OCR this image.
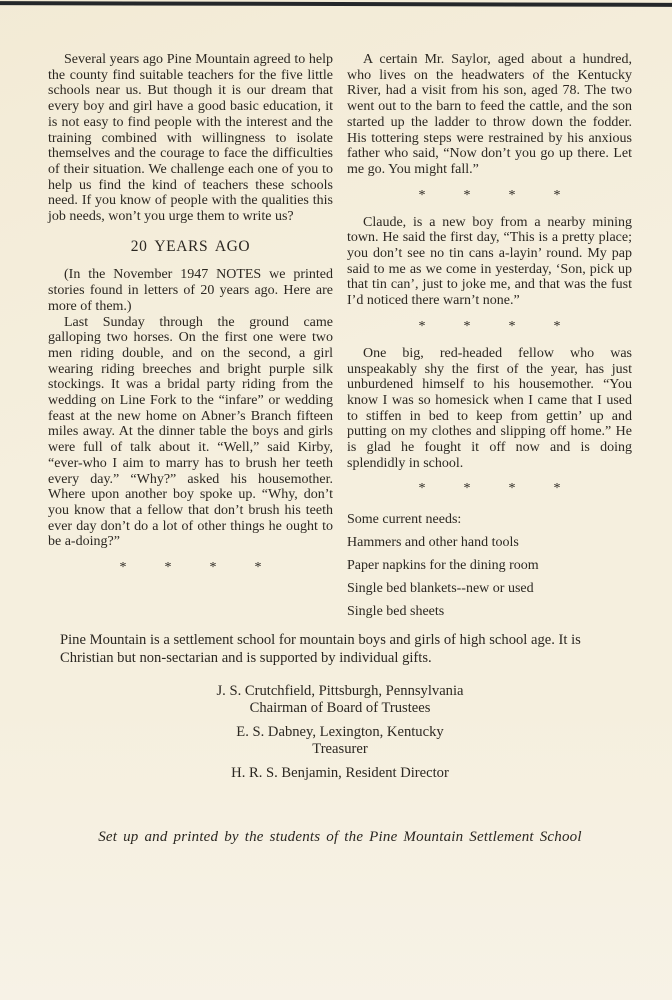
Several years ago Pine Mountain agreed to help the county find suitable teachers for the five little schools near us. But though it is our dream that every boy and girl have a good basic education, it is not easy to find people with the interest and the training combined with willingness to isolate themselves and the courage to face the difficulties of their situation. We challenge each one of you to help us find the kind of teachers these schools need. If you know of people with the qualities this job needs, won’t you urge them to write us?

20 YEARS AGO

(In the November 1947 NOTES we printed stories found in letters of 20 years ago. Here are more of them.)

Last Sunday through the ground came galloping two horses. On the first one were two men riding double, and on the second, a girl wearing riding breeches and bright purple silk stockings. It was a bridal party riding from the wedding on Line Fork to the “infare” or wedding feast at the new home on Abner’s Branch fifteen miles away. At the dinner table the boys and girls were full of talk about it. “Well,” said Kirby, “ever-who I aim to marry has to brush her teeth every day.” “Why?” asked his housemother. Where upon another boy spoke up. “Why, don’t you know that a fellow that don’t brush his teeth ever day don’t do a lot of other things he ought to be a-doing?”

*	*	*	*

A certain Mr. Saylor, aged about a hundred, who lives on the headwaters of the Kentucky River, had a visit from his son, aged 78. The two went out to the barn to feed the cattle, and the son started up the ladder to throw down the fodder. His tottering steps were restrained by his anxious father who said, “Now don’t you go up there. Let me go. You might fall.”

*	*	*	*

Claude, is a new boy from a nearby mining town. He said the first day, “This is a pretty place; you don’t see no tin cans a-layin’ round. My pap said to me as we come in yesterday, ‘Son, pick up that tin can’, just to joke me, and that was the fust I’d noticed there warn’t none.”

*	*	*	*

One big, red-headed fellow who was unspeakably shy the first of the year, has just unburdened himself to his housemother. “You know I was so homesick when I came that I used to stiffen in bed to keep from gettin’ up and putting on my clothes and slipping off home.” He is glad he fought it off now and is doing splendidly in school.

*	*	*	*

Some current needs:

Hammers and other hand tools

Paper napkins for the dining room

Single bed blankets--new or used

Single bed sheets

Pine Mountain is a settlement school for mountain boys and girls of high school age. It is Christian but non-sectarian and is supported by individual gifts.

J. S. Crutchfield, Pittsburgh, Pennsylvania

Chairman of Board of Trustees

E. S. Dabney, Lexington, Kentucky

Treasurer

H. R. S. Benjamin, Resident Director

Set up and printed by the students of the Pine Mountain Settlement School
